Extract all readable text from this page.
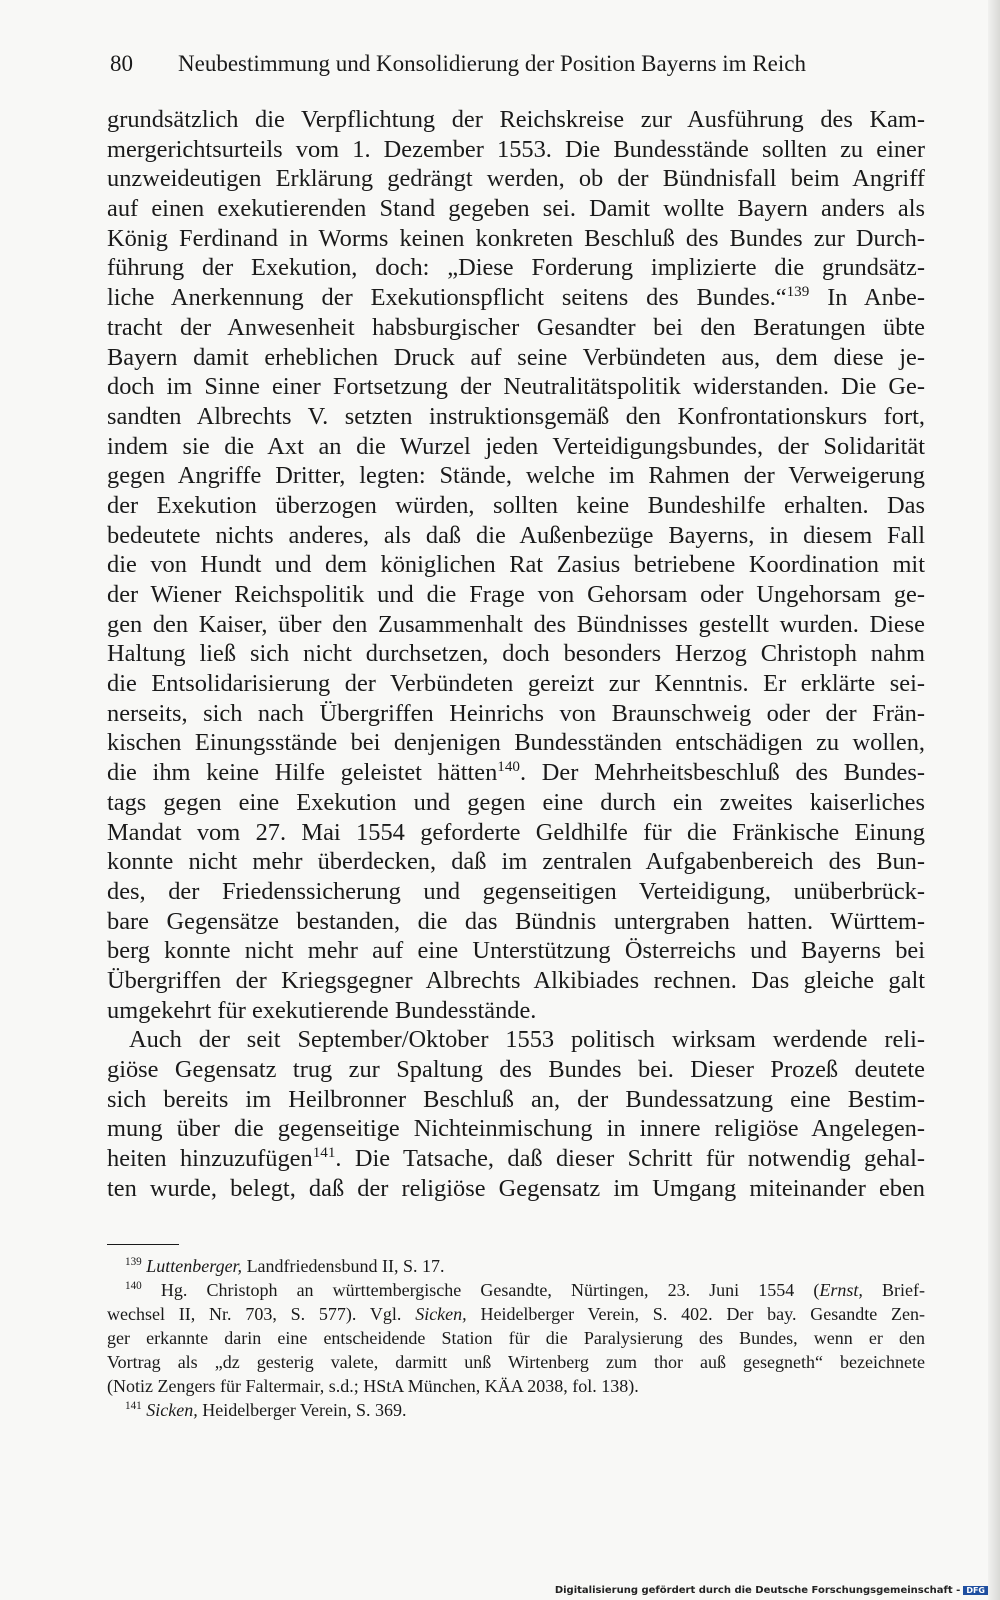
80 Neubestimmung und Konsolidierung der Position Bayerns im Reich
grundsätzlich die Verpflichtung der Reichskreise zur Ausführung des Kam-
mergerichtsurteils vom 1. Dezember 1553. Die Bundesstände sollten zu einer
unzweideutigen Erklärung gedrängt werden, ob der Bündnisfall beim Angriff
auf einen exekutierenden Stand gegeben sei. Damit wollte Bayern anders als
König Ferdinand in Worms keinen konkreten Beschluß des Bundes zur Durch-
führung der Exekution, doch: „Diese Forderung implizierte die grundsätz-
liche Anerkennung der Exekutionspflicht seitens des Bundes.“$^{139}$ In Anbe-
tracht der Anwesenheit habsburgischer Gesandter bei den Beratungen übte
Bayern damit erheblichen Druck auf seine Verbündeten aus, dem diese je-
doch im Sinne einer Fortsetzung der Neutralitätspolitik widerstanden. Die Ge-
sandten Albrechts V. setzten instruktionsgemäß den Konfrontationskurs fort,
indem sie die Axt an die Wurzel jeden Verteidigungsbundes, der Solidarität
gegen Angriffe Dritter, legten: Stände, welche im Rahmen der Verweigerung
der Exekution überzogen würden, sollten keine Bundeshilfe erhalten. Das
bedeutete nichts anderes, als daß die Außenbezüge Bayerns, in diesem Fall
die von Hundt und dem königlichen Rat Zasius betriebene Koordination mit
der Wiener Reichspolitik und die Frage von Gehorsam oder Ungehorsam ge-
gen den Kaiser, über den Zusammenhalt des Bündnisses gestellt wurden. Diese
Haltung ließ sich nicht durchsetzen, doch besonders Herzog Christoph nahm
die Entsolidarisierung der Verbündeten gereizt zur Kenntnis. Er erklärte sei-
nerseits, sich nach Übergriffen Heinrichs von Braunschweig oder der Frän-
kischen Einungsstände bei denjenigen Bundesständen entschädigen zu wollen,
die ihm keine Hilfe geleistet hätten$^{140}$. Der Mehrheitsbeschluß des Bundes-
tags gegen eine Exekution und gegen eine durch ein zweites kaiserliches
Mandat vom 27. Mai 1554 geforderte Geldhilfe für die Fränkische Einung
konnte nicht mehr überdecken, daß im zentralen Aufgabenbereich des Bun-
des, der Friedenssicherung und gegenseitigen Verteidigung, unüberbrück-
bare Gegensätze bestanden, die das Bündnis untergraben hatten. Württem-
berg konnte nicht mehr auf eine Unterstützung Österreichs und Bayerns bei
Übergriffen der Kriegsgegner Albrechts Alkibiades rechnen. Das gleiche galt
umgekehrt für exekutierende Bundesstände.
Auch der seit September/Oktober 1553 politisch wirksam werdende reli-
giöse Gegensatz trug zur Spaltung des Bundes bei. Dieser Prozeß deutete
sich bereits im Heilbronner Beschluß an, der Bundessatzung eine Bestim-
mung über die gegenseitige Nichteinmischung in innere religiöse Angelegen-
heiten hinzuzufügen$^{141}$. Die Tatsache, daß dieser Schritt für notwendig gehal-
ten wurde, belegt, daß der religiöse Gegensatz im Umgang miteinander eben
$^{139}$ Luttenberger, Landfriedensbund II, S. 17.
$^{140}$ Hg. Christoph an württembergische Gesandte, Nürtingen, 23. Juni 1554 (Ernst, Brief-
wechsel II, Nr. 703, S. 577). Vgl. Sicken, Heidelberger Verein, S. 402. Der bay. Gesandte Zen-
ger erkannte darin eine entscheidende Station für die Paralysierung des Bundes, wenn er den
Vortrag als „dz gesterig valete, darmitt unß Wirtenberg zum thor auß gesegneth“ bezeichnete
(Notiz Zengers für Faltermair, s.d.; HStA München, KÄA 2038, fol. 138).
$^{141}$ Sicken, Heidelberger Verein, S. 369.
Digitalisierung gefördert durch die Deutsche Forschungsgemeinschaft - DFG
